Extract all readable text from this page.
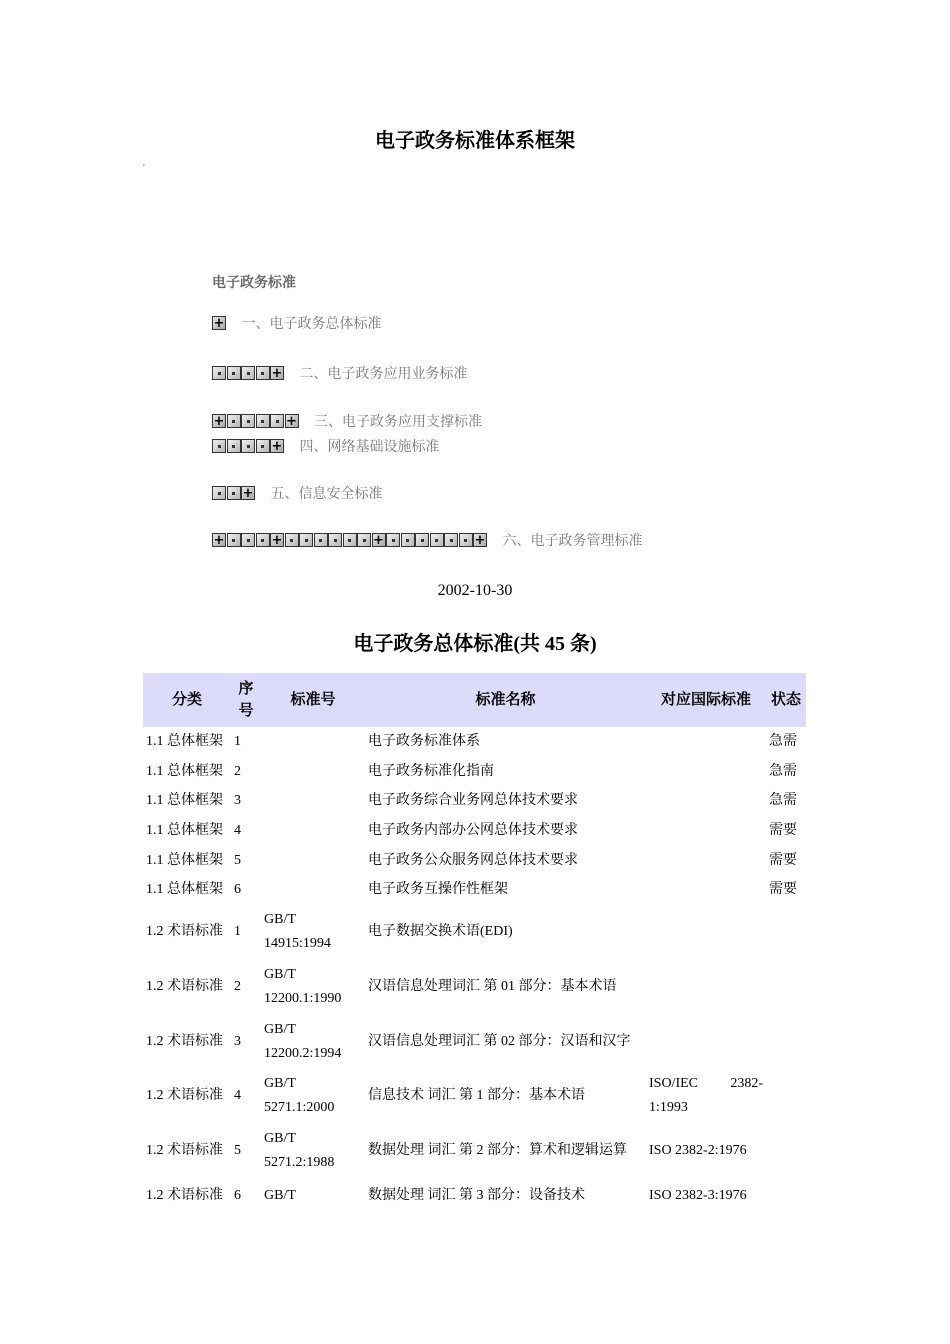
电子政务标准体系框架
'
电子政务标准
+ 一、电子政务总体标准
+ 二、电子政务应用业务标准
+	+ 三、电子政务应用支撑标准
+ 四、网络基础设施标准
+ 五、信息安全标准
+	+	+	+ 六、电子政务管理标准
2002-10-30
电子政务总体标准(共 45 条)
分类	序号	标准号	标准名称	对应国际标准	状态
1.1 总体框架	1		电子政务标准体系		急需
1.1 总体框架	2		电子政务标准化指南		急需
1.1 总体框架	3		电子政务综合业务网总体技术要求		急需
1.1 总体框架	4		电子政务内部办公网总体技术要求		需要
1.1 总体框架	5		电子政务公众服务网总体技术要求		需要
1.1 总体框架	6		电子政务互操作性框架		需要
1.2 术语标准	1	GB/T 14915:1994	电子数据交换术语(EDI)		
1.2 术语标准	2	GB/T 12200.1:1990	汉语信息处理词汇 第 01 部分：基本术语		
1.2 术语标准	3	GB/T 12200.2:1994	汉语信息处理词汇 第 02 部分：汉语和汉字		
1.2 术语标准	4	GB/T 5271.1:2000	信息技术 词汇 第 1 部分：基本术语	ISO/IEC 2382-1:1993	
1.2 术语标准	5	GB/T 5271.2:1988	数据处理 词汇 第 2 部分：算术和逻辑运算	ISO 2382-2:1976	
1.2 术语标准	6	GB/T	数据处理 词汇 第 3 部分：设备技术	ISO 2382-3:1976	
